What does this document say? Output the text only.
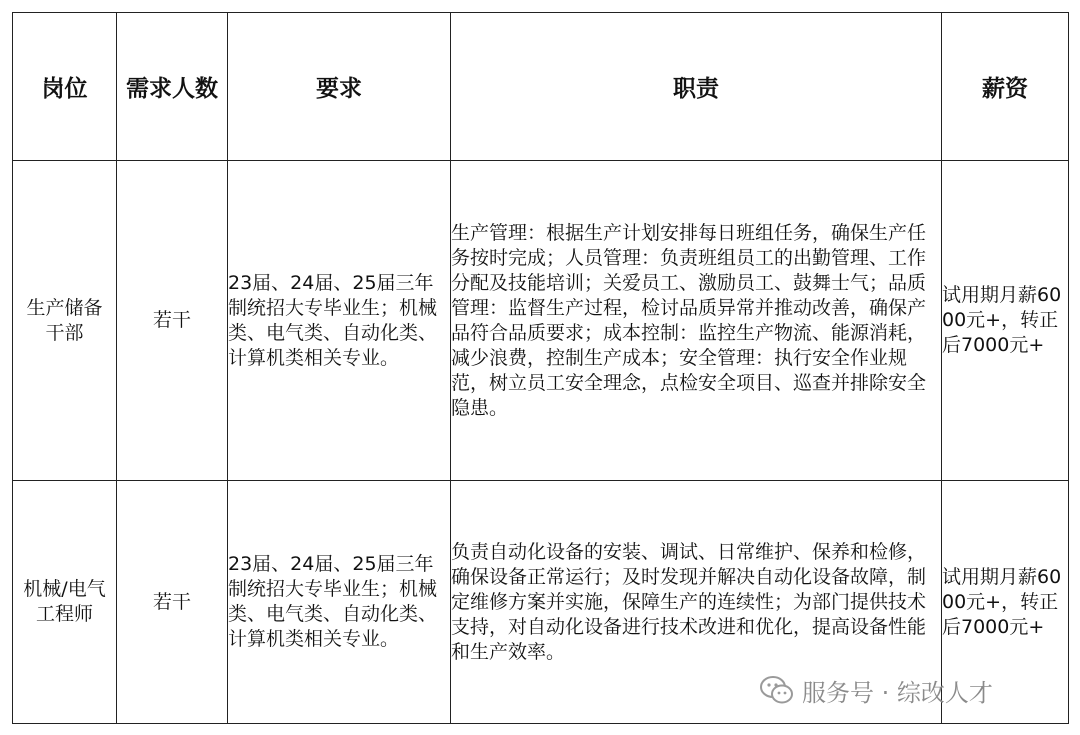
岗位	需求人数	要求	职责	薪资

生产储备干部	若干	23届、24届、25届三年制统招大专毕业生；机械类、电气类、自动化类、计算机类相关专业。	生产管理：根据生产计划安排每日班组任务，确保生产任务按时完成；人员管理：负责班组员工的出勤管理、工作分配及技能培训；关爱员工、激励员工、鼓舞士气；品质管理：监督生产过程，检讨品质异常并推动改善，确保产品符合品质要求；成本控制：监控生产物流、能源消耗，减少浪费，控制生产成本；安全管理：执行安全作业规范，树立员工安全理念，点检安全项目、巡查并排除安全隐患。	试用期月薪6000元+，转正后7000元+

机械/电气工程师	若干	23届、24届、25届三年制统招大专毕业生；机械类、电气类、自动化类、计算机类相关专业。	负责自动化设备的安装、调试、日常维护、保养和检修，确保设备正常运行；及时发现并解决自动化设备故障，制定维修方案并实施，保障生产的连续性；为部门提供技术支持，对自动化设备进行技术改进和优化，提高设备性能和生产效率。	试用期月薪6000元+，转正后7000元+
服务号 · 综改人才
